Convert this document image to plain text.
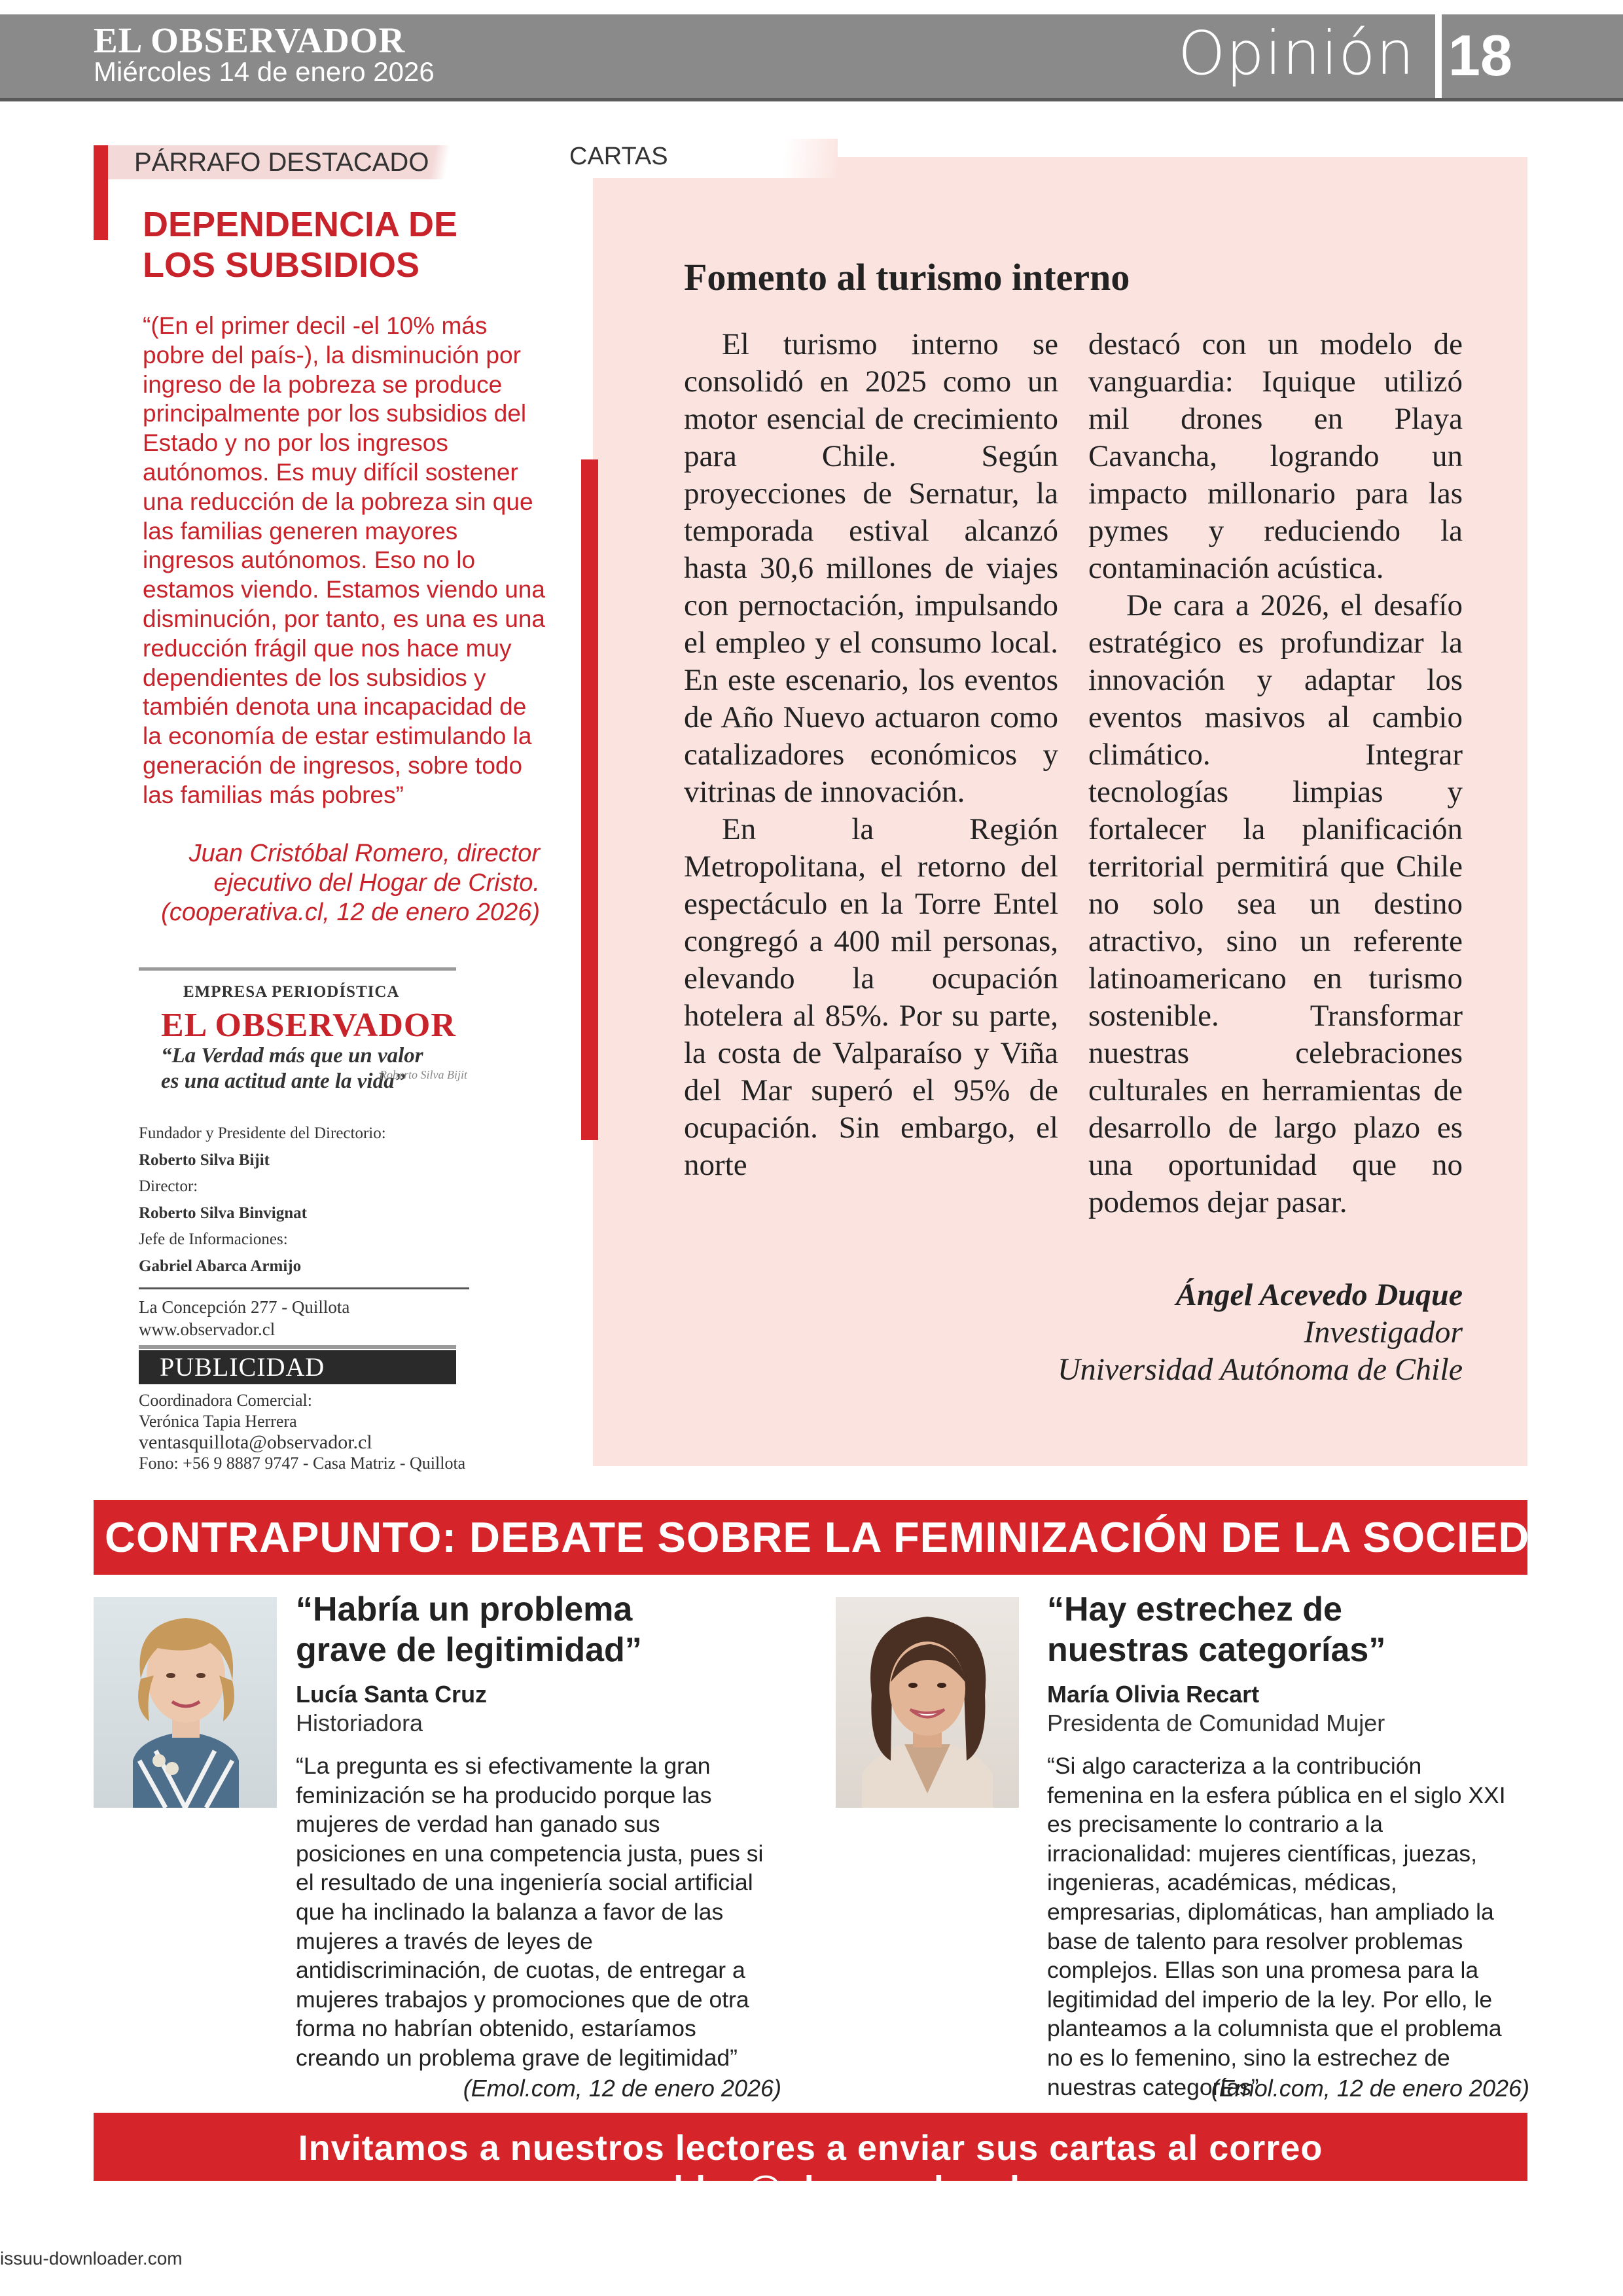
EL OBSERVADOR
Miércoles 14 de enero 2026	Opinión 18
PÁRRAFO DESTACADO
DEPENDENCIA DE
LOS SUBSIDIOS
“(En el primer decil -el 10% más pobre del país-), la disminución por ingreso de la pobreza se produce principalmente por los subsidios del Estado y no por los ingresos autónomos. Es muy difícil sostener una reducción de la pobreza sin que las familias generen mayores ingresos autónomos. Eso no lo estamos viendo. Estamos viendo una disminución, por tanto, es una es una reducción frágil que nos hace muy dependientes de los subsidios y también denota una incapacidad de la economía de estar estimulando la generación de ingresos, sobre todo las familias más pobres”
Juan Cristóbal Romero, director
ejecutivo del Hogar de Cristo.
(cooperativa.cl, 12 de enero 2026)
EMPRESA PERIODÍSTICA
EL OBSERVADOR
“La Verdad más que un valor
es una actitud ante la vida”
Roberto Silva Bijit
Fundador y Presidente del Directorio:
Roberto Silva Bijit
Director:
Roberto Silva Binvignat
Jefe de Informaciones:
Gabriel Abarca Armijo
La Concepción 277 - Quillota
www.observador.cl
PUBLICIDAD
Coordinadora Comercial:
Verónica Tapia Herrera
ventasquillota@observador.cl
Fono: +56 9 8887 9747 - Casa Matriz - Quillota
CARTAS
Fomento al turismo interno

El turismo interno se consolidó en 2025 como un motor esencial de crecimiento para Chile. Según proyecciones de Sernatur, la temporada estival alcanzó hasta 30,6 millones de viajes con pernoctación, impulsando el empleo y el consumo local. En este escenario, los eventos de Año Nuevo actuaron como catalizadores económicos y vitrinas de innovación.

En la Región Metropolitana, el retorno del espectáculo en la Torre Entel congregó a 400 mil personas, elevando la ocupación hotelera al 85%. Por su parte, la costa de Valparaíso y Viña del Mar superó el 95% de ocupación. Sin embargo, el norte

destacó con un modelo de vanguardia: Iquique utilizó mil drones en Playa Cavancha, logrando un impacto millonario para las pymes y reduciendo la contaminación acústica.

De cara a 2026, el desafío estratégico es profundizar la innovación y adaptar los eventos masivos al cambio climático. Integrar tecnologías limpias y fortalecer la planificación territorial permitirá que Chile no solo sea un destino atractivo, sino un referente latinoamericano en turismo sostenible. Transformar nuestras celebraciones culturales en herramientas de desarrollo de largo plazo es una oportunidad que no podemos dejar pasar.

Ángel Acevedo Duque
Investigador
Universidad Autónoma de Chile
CONTRAPUNTO: DEBATE SOBRE LA FEMINIZACIÓN DE LA SOCIEDAD
“Habría un problema
grave de legitimidad”
Lucía Santa Cruz
Historiadora
“La pregunta es si efectivamente la gran feminización se ha producido porque las mujeres de verdad han ganado sus posiciones en una competencia justa, pues si el resultado de una ingeniería social artificial que ha inclinado la balanza a favor de las mujeres a través de leyes de antidiscriminación, de cuotas, de entregar a mujeres trabajos y promociones que de otra forma no habrían obtenido, estaríamos creando un problema grave de legitimidad”
(Emol.com, 12 de enero 2026)
“Hay estrechez de
nuestras categorías”
María Olivia Recart
Presidenta de Comunidad Mujer
“Si algo caracteriza a la contribución femenina en la esfera pública en el siglo XXI es precisamente lo contrario a la irracionalidad: mujeres científicas, juezas, ingenieras, académicas, médicas, empresarias, diplomáticas, han ampliado la base de talento para resolver problemas complejos. Ellas son una promesa para la legitimidad del imperio de la ley. Por ello, le planteamos a la columnista que el problema no es lo femenino, sino la estrechez de nuestras categorías”
(Emol.com, 12 de enero 2026)
Invitamos a nuestros lectores a enviar sus cartas al correo mvaldes@observador.cl
issuu-downloader.com
